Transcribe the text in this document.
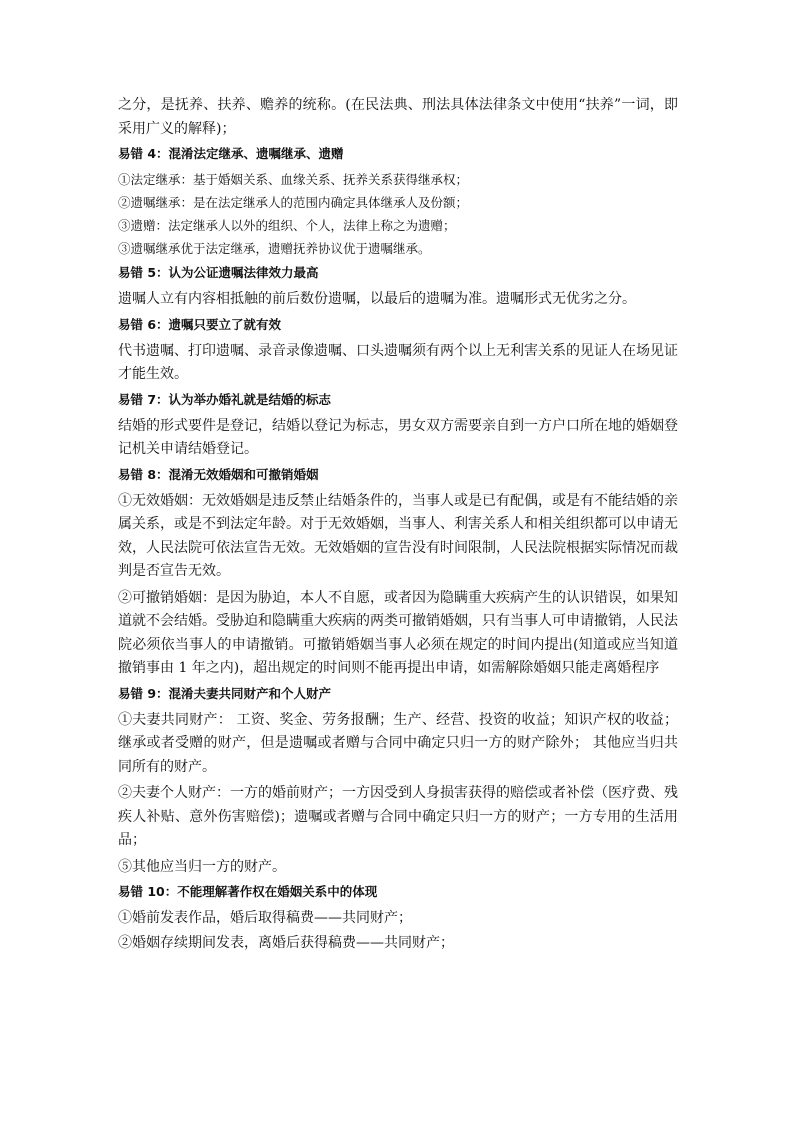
之分，是抚养、扶养、赡养的统称。(在民法典、刑法具体法律条文中使用“扶养”一词，即采用广义的解释)；

易错 4：混淆法定继承、遗嘱继承、遗赠

①法定继承：基于婚姻关系、血缘关系、抚养关系获得继承权；

②遗嘱继承：是在法定继承人的范围内确定具体继承人及份额；

③遗赠：法定继承人以外的组织、个人，法律上称之为遗赠；

③遗嘱继承优于法定继承，遗赠抚养协议优于遗嘱继承。

易错 5：认为公证遗嘱法律效力最高

遗嘱人立有内容相抵触的前后数份遗嘱，以最后的遗嘱为准。遗嘱形式无优劣之分。

易错 6：遗嘱只要立了就有效

代书遗嘱、打印遗嘱、录音录像遗嘱、口头遗嘱须有两个以上无利害关系的见证人在场见证才能生效。

易错 7：认为举办婚礼就是结婚的标志

结婚的形式要件是登记，结婚以登记为标志，男女双方需要亲自到一方户口所在地的婚姻登记机关申请结婚登记。

易错 8：混淆无效婚姻和可撤销婚姻

①无效婚姻：无效婚姻是违反禁止结婚条件的，当事人或是已有配偶，或是有不能结婚的亲属关系，或是不到法定年龄。对于无效婚姻，当事人、利害关系人和相关组织都可以申请无效，人民法院可依法宣告无效。无效婚姻的宣告没有时间限制，人民法院根据实际情况而裁判是否宣告无效。

②可撤销婚姻：是因为胁迫，本人不自愿，或者因为隐瞒重大疾病产生的认识错误，如果知道就不会结婚。受胁迫和隐瞒重大疾病的两类可撤销婚姻，只有当事人可申请撤销，人民法院必须依当事人的申请撤销。可撤销婚姻当事人必须在规定的时间内提出(知道或应当知道撤销事由 1 年之内)，超出规定的时间则不能再提出申请，如需解除婚姻只能走离婚程序

易错 9：混淆夫妻共同财产和个人财产

①夫妻共同财产： 工资、奖金、劳务报酬；生产、经营、投资的收益；知识产权的收益；继承或者受赠的财产，但是遗嘱或者赠与合同中确定只归一方的财产除外； 其他应当归共同所有的财产。

②夫妻个人财产：一方的婚前财产；一方因受到人身损害获得的赔偿或者补偿（医疗费、残疾人补贴、意外伤害赔偿)；遗嘱或者赠与合同中确定只归一方的财产；一方专用的生活用品；

⑤其他应当归一方的财产。

易错 10：不能理解著作权在婚姻关系中的体现

①婚前发表作品，婚后取得稿费——共同财产；

②婚姻存续期间发表，离婚后获得稿费——共同财产；
